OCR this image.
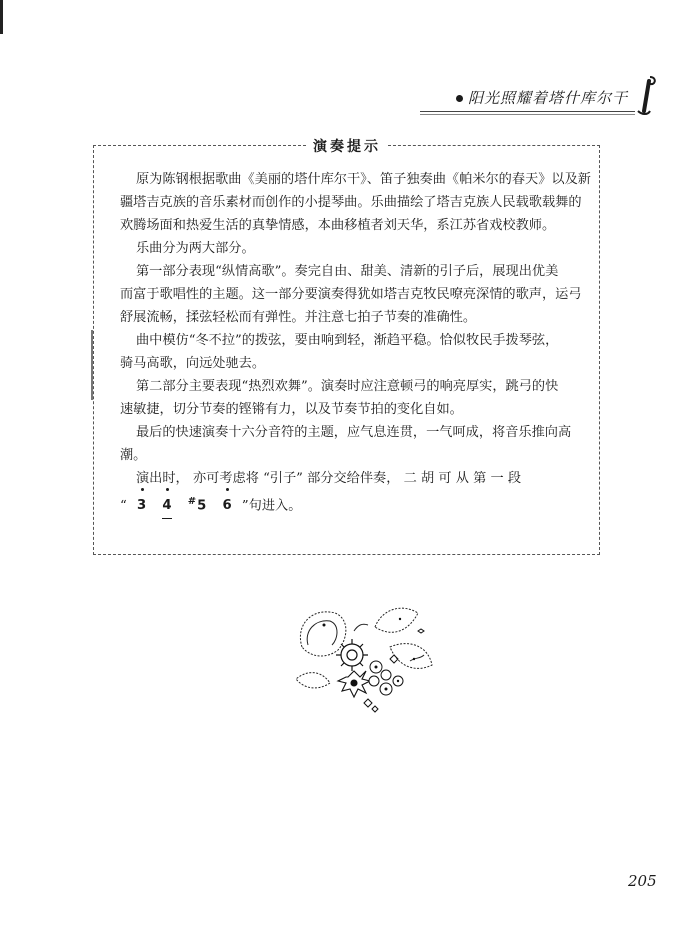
阳光照耀着塔什库尔干
演奏提示
原为陈钢根据歌曲《美丽的塔什库尔干》、笛子独奏曲《帕米尔的春天》以及新
疆塔吉克族的音乐素材而创作的小提琴曲。乐曲描绘了塔吉克族人民载歌载舞的
欢腾场面和热爱生活的真挚情感，本曲移植者刘天华，系江苏省戏校教师。
乐曲分为两大部分。
第一部分表现“纵情高歌”。奏完自由、甜美、清新的引子后，展现出优美
而富于歌唱性的主题。这一部分要演奏得犹如塔吉克牧民嘹亮深情的歌声，运弓
舒展流畅，揉弦轻松而有弹性。并注意七拍子节奏的准确性。
曲中模仿“冬不拉”的拨弦，要由响到轻，渐趋平稳。恰似牧民手拨琴弦，
骑马高歌，向远处驰去。
第二部分主要表现“热烈欢舞”。演奏时应注意顿弓的响亮厚实，跳弓的快
速敏捷，切分节奏的铿锵有力，以及节奏节拍的变化自如。
最后的快速演奏十六分音符的主题，应气息连贯，一气呵成，将音乐推向高
潮。
演出时， 亦可考虑将 “引子” 部分交给伴奏， 二 胡 可 从 第 一 段
“ 3 4 #5 6 ”句进入。
205
